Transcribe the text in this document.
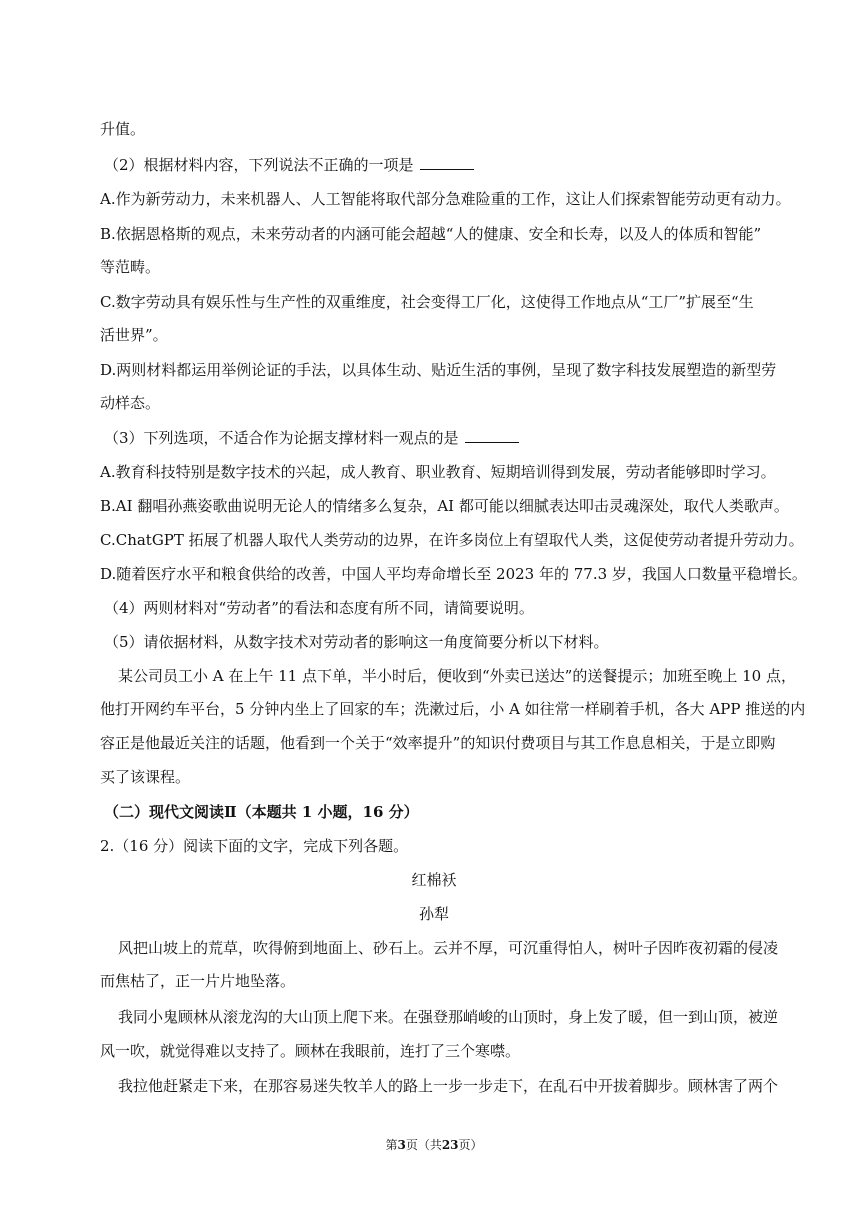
升值。
（2）根据材料内容，下列说法不正确的一项是
A.作为新劳动力，未来机器人、人工智能将取代部分急难险重的工作，这让人们探索智能劳动更有动力。
B.依据恩格斯的观点，未来劳动者的内涵可能会超越“人的健康、安全和长寿，以及人的体质和智能”
等范畴。
C.数字劳动具有娱乐性与生产性的双重维度，社会变得工厂化，这使得工作地点从“工厂”扩展至“生
活世界”。
D.两则材料都运用举例论证的手法，以具体生动、贴近生活的事例，呈现了数字科技发展塑造的新型劳
动样态。
（3）下列选项，不适合作为论据支撑材料一观点的是
A.教育科技特别是数字技术的兴起，成人教育、职业教育、短期培训得到发展，劳动者能够即时学习。
B.AI 翻唱孙燕姿歌曲说明无论人的情绪多么复杂，AI 都可能以细腻表达叩击灵魂深处，取代人类歌声。
C.ChatGPT 拓展了机器人取代人类劳动的边界，在许多岗位上有望取代人类，这促使劳动者提升劳动力。
D.随着医疗水平和粮食供给的改善，中国人平均寿命增长至 2023 年的 77.3 岁，我国人口数量平稳增长。
（4）两则材料对“劳动者”的看法和态度有所不同，请简要说明。
（5）请依据材料，从数字技术对劳动者的影响这一角度简要分析以下材料。
某公司员工小 A 在上午 11 点下单，半小时后，便收到“外卖已送达”的送餐提示；加班至晚上 10 点，
他打开网约车平台，5 分钟内坐上了回家的车；洗漱过后，小 A 如往常一样刷着手机，各大 APP 推送的内
容正是他最近关注的话题，他看到一个关于“效率提升”的知识付费项目与其工作息息相关，于是立即购
买了该课程。
（二）现代文阅读Ⅱ（本题共 1 小题，16 分）
2.（16 分）阅读下面的文字，完成下列各题。
红棉袄
孙犁
风把山坡上的荒草，吹得俯到地面上、砂石上。云并不厚，可沉重得怕人，树叶子因昨夜初霜的侵凌
而焦枯了，正一片片地坠落。
我同小鬼顾林从滚龙沟的大山顶上爬下来。在强登那峭峻的山顶时，身上发了暖，但一到山顶，被逆
风一吹，就觉得难以支持了。顾林在我眼前，连打了三个寒噤。
我拉他赶紧走下来，在那容易迷失牧羊人的路上一步一步走下，在乱石中开拔着脚步。顾林害了两个
第3页（共23页）
